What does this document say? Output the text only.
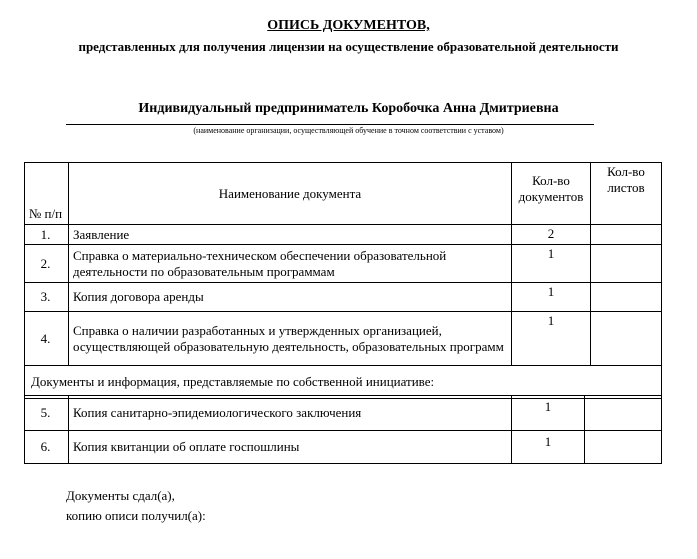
ОПИСЬ ДОКУМЕНТОВ,
представленных для получения лицензии на осуществление образовательной деятельности
Индивидуальный предприниматель Коробочка Анна Дмитриевна
(наименование организации, осуществляющей обучение в точном соответствии с уставом)
№ п/п	Наименование документа	Кол-во документов	Кол-во листов
1.	Заявление	2	
2.	Справка о материально-техническом обеспечении образовательной деятельности по образовательным программам	1	
3.	Копия договора аренды	1	
4.	Справка о наличии разработанных и утвержденных организацией, осуществляющей образовательную деятельность, образовательных программ	1	
Документы и информация, представляемые по собственной инициативе:			
5.	Копия санитарно-эпидемиологического заключения	1	
6.	Копия квитанции об оплате госпошлины	1	
Документы сдал(а),
копию описи получил(а):
